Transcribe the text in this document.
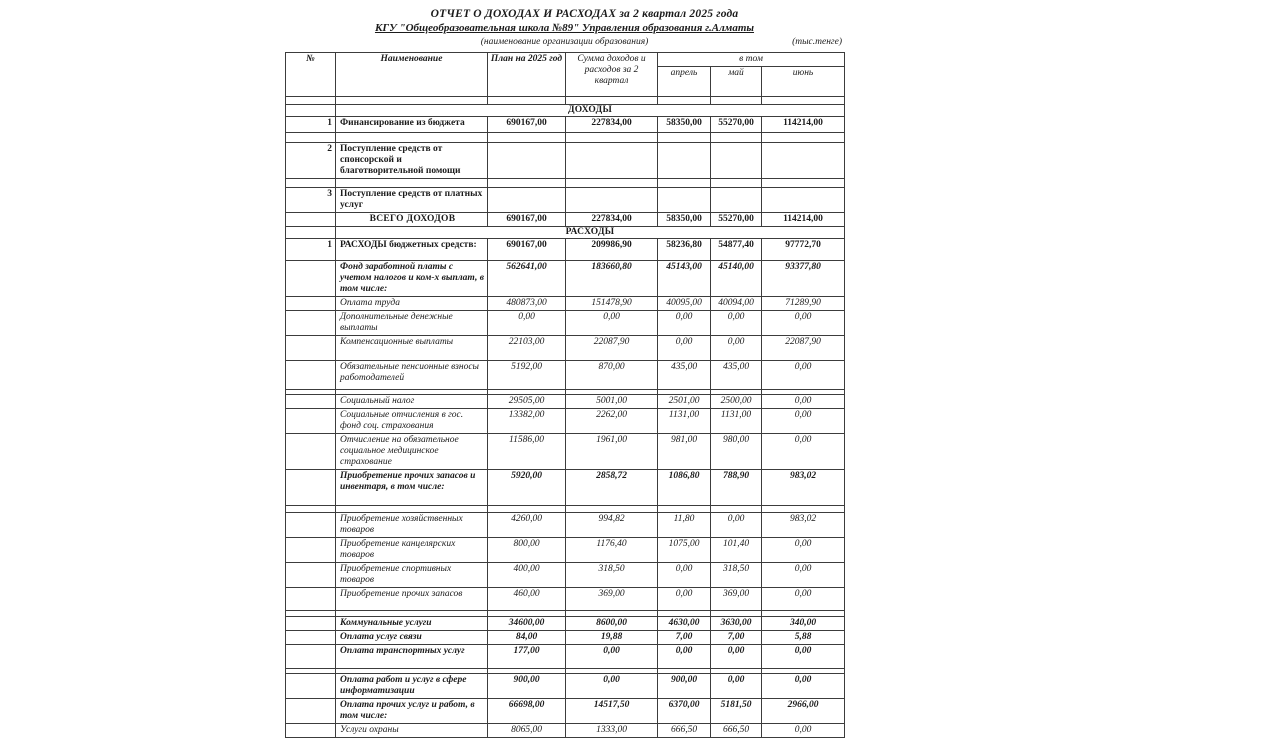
ОТЧЕТ О ДОХОДАХ И РАСХОДАХ за 2 квартал 2025 года
КГУ "Общеобразовательная школа №89" Управления образования г.Алматы
(наименование организации образования)	(тыс.тенге)
№	Наименование	План на 2025 год	Сумма доходов и расходов за 2 квартал	в том		
				апрель	май	июнь

	ДОХОДЫ					
1	Финансирование из бюджета	690167,00	227834,00	58350,00	55270,00	114214,00

2	Поступление средств от спонсорской и благотворительной помощи					

3	Поступление средств от платных услуг					
	ВСЕГО ДОХОДОВ	690167,00	227834,00	58350,00	55270,00	114214,00
	РАСХОДЫ					
1	РАСХОДЫ бюджетных средств:	690167,00	209986,90	58236,80	54877,40	97772,70
	Фонд заработной платы с учетом налогов и ком-х выплат, в том числе:	562641,00	183660,80	45143,00	45140,00	93377,80
	Оплата труда	480873,00	151478,90	40095,00	40094,00	71289,90
	Дополнительные денежные выплаты	0,00	0,00	0,00	0,00	0,00
	Компенсационные выплаты	22103,00	22087,90	0,00	0,00	22087,90
	Обязательные пенсионные взносы работодателей	5192,00	870,00	435,00	435,00	0,00

	Социальный налог	29505,00	5001,00	2501,00	2500,00	0,00
	Социальные отчисления в гос. фонд соц. страхования	13382,00	2262,00	1131,00	1131,00	0,00
	Отчисление на обязательное социальное медицинское страхование	11586,00	1961,00	981,00	980,00	0,00
	Приобретение прочих запасов и инвентаря, в том числе:	5920,00	2858,72	1086,80	788,90	983,02

	Приобретение хозяйственных товаров	4260,00	994,82	11,80	0,00	983,02
	Приобретение канцелярских товаров	800,00	1176,40	1075,00	101,40	0,00
	Приобретение спортивных товаров	400,00	318,50	0,00	318,50	0,00
	Приобретение прочих запасов	460,00	369,00	0,00	369,00	0,00

	Коммунальные услуги	34600,00	8600,00	4630,00	3630,00	340,00
	Оплата услуг связи	84,00	19,88	7,00	7,00	5,88
	Оплата транспортных услуг	177,00	0,00	0,00	0,00	0,00

	Оплата работ и услуг в сфере информатизации	900,00	0,00	900,00	0,00	0,00
	Оплата прочих услуг и работ, в том числе:	66698,00	14517,50	6370,00	5181,50	2966,00
	Услуги охраны	8065,00	1333,00	666,50	666,50	0,00
